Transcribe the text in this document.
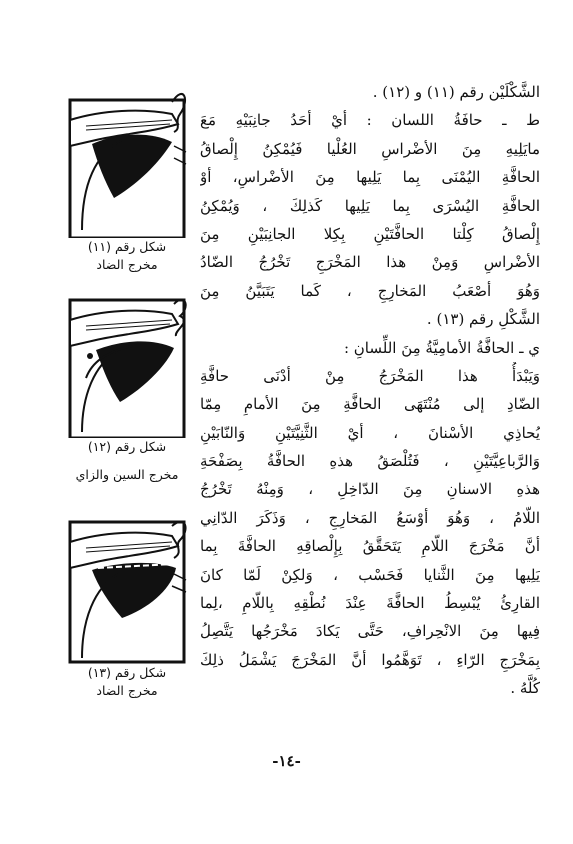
الشَّكْلَيْن رقم (١١) و (١٢) .
ط ـ حافَةُ اللسان : أيْ أحَدُ جانِبَيْهِ مَعَ
مايَلِيهِ مِنَ الأضْراسِ العُلْيا فَيُمْكِنُ إِلْصاقُ
الحافَّةِ اليُمْنَى بِما يَلِيها مِنَ الأضْراسِ، أوْ
الحافَّةِ اليُسْرَى بِما يَلِيها كَذلِكَ ، وَيُمْكِنُ
إِلْصاقُ كِلْتا الحافَّتَيْنِ بِكِلا الجانِبَيْنِ مِنَ
الأضْراسِ وَمِنْ هذا المَخْرَجِ تَخْرُجُ الضّادُ
وَهُوَ أصْعَبُ المَخارِجِ ، كَما يَتَبَيَّنُ مِنَ
الشَّكْلِ رقم (١٣) .
ي ـ الحافَّةُ الأمامِيَّةُ مِنَ اللِّسانِ :
وَيَبْدَأُ هذا المَخْرَجُ مِنْ أدْنَى حافَّةِ
الضّادِ إلى مُنْتَهَى الحافَّةِ مِنَ الأمامِ مِمّا
يُحاذِي الأسْنانَ ، أيْ الثَّنِيَّتَيْنِ وَالنّابَيْنِ
وَالرَّباعِيَّتَيْنِ ، فَتُلْصَقُ هذهِ الحافَّةُ بِصَفْحَةِ
هذهِ الاسنانِ مِنَ الدّاخِلِ ، وَمِنْهُ تَخْرُجُ
اللّامُ ، وَهُوَ أوْسَعُ المَخارِجِ ، وَذَكَرَ الدّانِي
أنَّ مَخْرَجَ اللّامِ يَتَحَقَّقُ بِإِلْصاقِهِ الحافَّةَ بِما
يَلِيها مِنَ الثَّنايا فَحَسْب ، وَلكِنْ لَمّا كانَ
القارِئُ يُبْسِطُ الحافَّةَ عِنْدَ نُطْقِهِ بِاللّامِ ،لِما
فِيها مِنَ الانْحِرافِ، حَتَّى يَكادَ مَخْرَجُها يَتَّصِلُ
بِمَخْرَجِ الرّاءِ ، تَوَهَّمُوا أنَّ المَخْرَجَ يَشْمَلُ ذلِكَ
كُلَّهُ .
شكل رقم (١١)
مخرج الضاد
شكل رقم (١٢)
مخرج السين والزاي
شكل رقم (١٣)
مخرج الضاد
-١٤-
